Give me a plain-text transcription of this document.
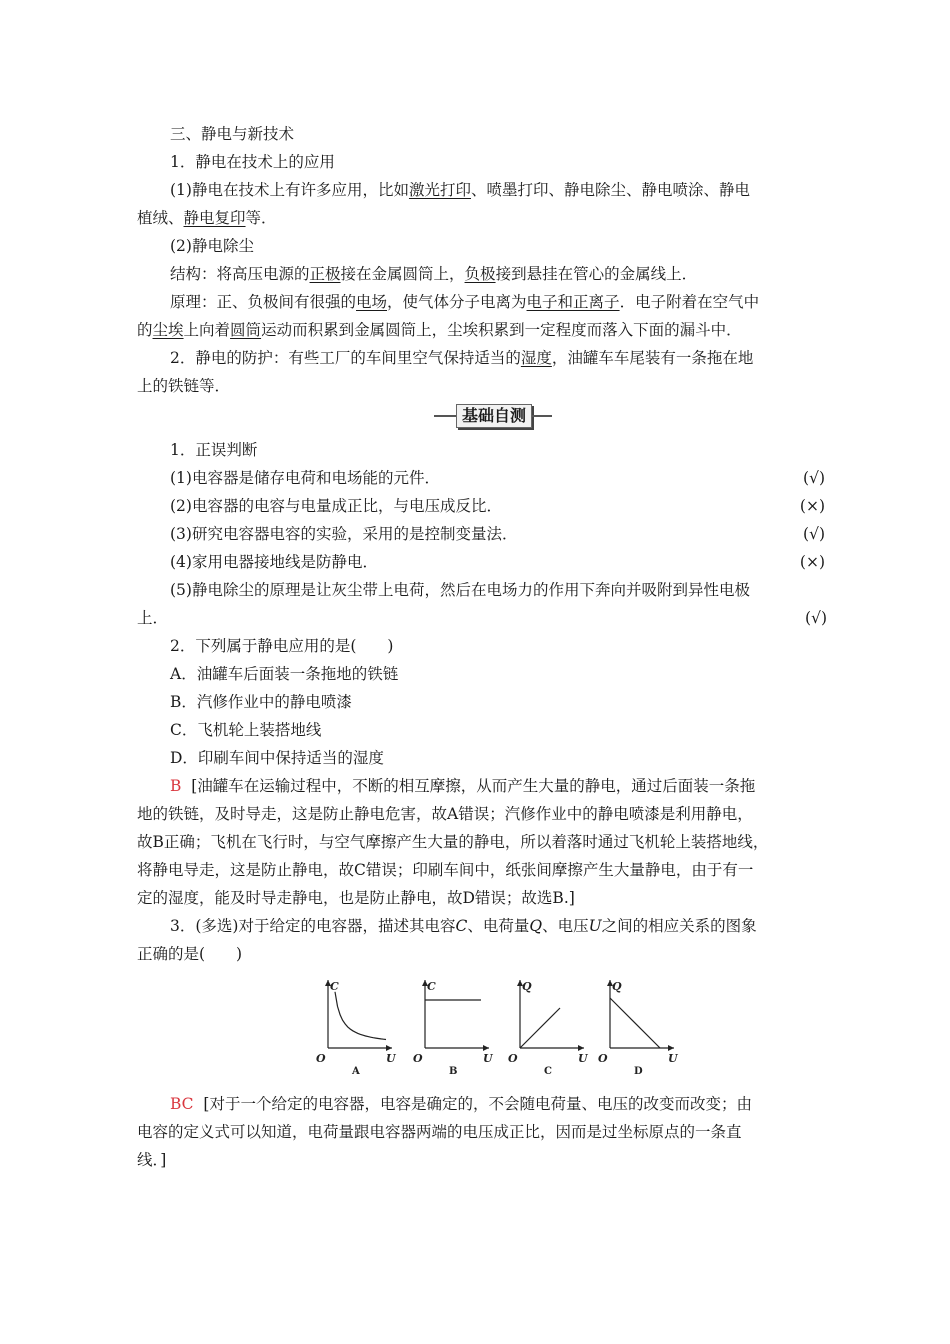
三、静电与新技术
1．静电在技术上的应用
(1)静电在技术上有许多应用，比如激光打印、喷墨打印、静电除尘、静电喷涂、静电
植绒、静电复印等．
(2)静电除尘
结构：将高压电源的正极接在金属圆筒上，负极接到悬挂在管心的金属线上．
原理：正、负极间有很强的电场，使气体分子电离为电子和正离子．电子附着在空气中
的尘埃上向着圆筒运动而积累到金属圆筒上，尘埃积累到一定程度而落入下面的漏斗中．
2．静电的防护：有些工厂的车间里空气保持适当的湿度，油罐车车尾装有一条拖在地
上的铁链等．
基础自测
1．正误判断
(1)电容器是储存电荷和电场能的元件．	(√)
(2)电容器的电容与电量成正比，与电压成反比．	(×)
(3)研究电容器电容的实验，采用的是控制变量法．	(√)
(4)家用电器接地线是防静电．	(×)
(5)静电除尘的原理是让灰尘带上电荷，然后在电场力的作用下奔向并吸附到异性电极
上．	(√)
2．下列属于静电应用的是(　　)
A．油罐车后面装一条拖地的铁链
B．汽修作业中的静电喷漆
C．飞机轮上装搭地线
D．印刷车间中保持适当的湿度
B [油罐车在运输过程中，不断的相互摩擦，从而产生大量的静电，通过后面装一条拖
地的铁链，及时导走，这是防止静电危害，故A错误；汽修作业中的静电喷漆是利用静电，
故B正确；飞机在飞行时，与空气摩擦产生大量的静电，所以着落时通过飞机轮上装搭地线，
将静电导走，这是防止静电，故C错误；印刷车间中，纸张间摩擦产生大量静电，由于有一
定的湿度，能及时导走静电，也是防止静电，故D错误；故选B.]
3．(多选)对于给定的电容器，描述其电容C、电荷量Q、电压U之间的相应关系的图象
正确的是(　　)
C
U
O
A
C
U
O
B
Q
U
O
C
Q
U
O
D
BC [对于一个给定的电容器，电容是确定的，不会随电荷量、电压的改变而改变；由
电容的定义式可以知道，电荷量跟电容器两端的电压成正比，因而是过坐标原点的一条直
线．]
